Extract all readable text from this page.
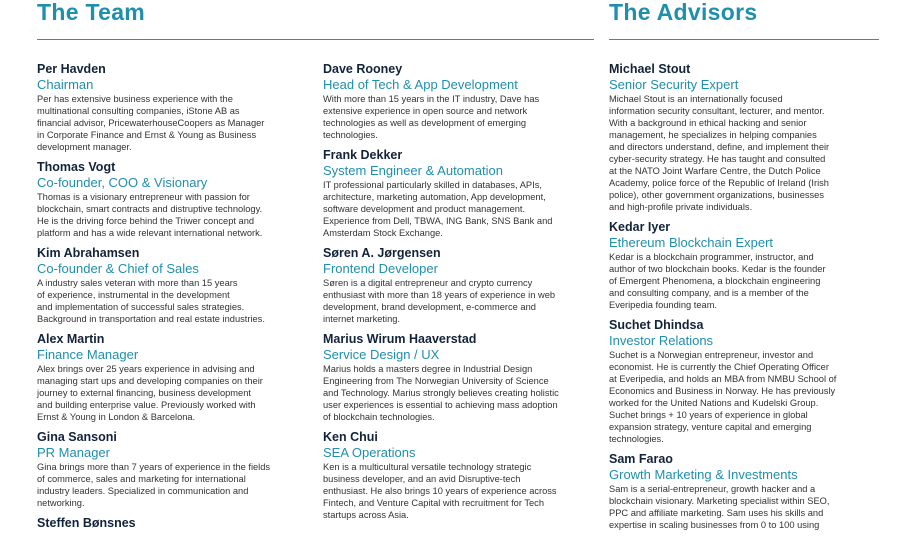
The Team	The Advisors
Per Havden
Chairman
Per has extensive business experience with the
multinational consulting companies, iStone AB as
financial advisor, PricewaterhouseCoopers as Manager
in Corporate Finance and Ernst & Young as Business
development manager.
Thomas Vogt
Co-founder, COO & Visionary
Thomas is a visionary entrepreneur with passion for
blockchain, smart contracts and distruptive technology.
He is the driving force behind the Triwer concept and
platform and has a wide relevant international network.
Kim Abrahamsen
Co-founder & Chief of Sales
A industry sales veteran with more than 15 years
of experience, instrumental in the development
and implementation of successful sales strategies.
Background in transportation and real estate industries.
Alex Martin
Finance Manager
Alex brings over 25 years experience in advising and
managing start ups and developing companies on their
journey to external financing, business development
and building enterprise value. Previously worked with
Ernst & Young in London & Barcelona.
Gina Sansoni
PR Manager
Gina brings more than 7 years of experience in the fields
of commerce, sales and marketing for international
industry leaders. Specialized in communication and
networking.
Steffen Bønsnes
Dave Rooney
Head of Tech & App Development
With more than 15 years in the IT industry, Dave has
extensive experience in open source and network
technologies as well as development of emerging
technologies.
Frank Dekker
System Engineer & Automation
IT professional particularly skilled in databases, APIs,
architecture, marketing automation, App development,
software development and product management.
Experience from Dell, TBWA, ING Bank, SNS Bank and
Amsterdam Stock Exchange.
Søren A. Jørgensen
Frontend Developer
Søren is a digital entrepreneur and crypto currency
enthusiast with more than 18 years of experience in web
development, brand development, e-commerce and
internet marketing.
Marius Wirum Haaverstad
Service Design / UX
Marius holds a masters degree in Industrial Design
Engineering from The Norwegian University of Science
and Technology. Marius strongly believes creating holistic
user experiences is essential to achieving mass adoption
of blockchain technologies.
Ken Chui
SEA Operations
Ken is a multicultural versatile technology strategic
business developer, and an avid Disruptive-tech
enthusiast. He also brings 10 years of experience across
Fintech, and Venture Capital with recruitment for Tech
startups across Asia.
Michael Stout
Senior Security Expert
Michael Stout is an internationally focused
information security consultant, lecturer, and mentor.
With a background in ethical hacking and senior
management, he specializes in helping companies
and directors understand, define, and implement their
cyber-security strategy. He has taught and consulted
at the NATO Joint Warfare Centre, the Dutch Police
Academy, police force of the Republic of Ireland (Irish
police), other government organizations, businesses
and high-profile private individuals.
Kedar Iyer
Ethereum Blockchain Expert
Kedar is a blockchain programmer, instructor, and
author of two blockchain books. Kedar is the founder
of Emergent Phenomena, a blockchain engineering
and consulting company, and is a member of the
Everipedia founding team.
Suchet Dhindsa
Investor Relations
Suchet is a Norwegian entrepreneur, investor and
economist. He is currently the Chief Operating Officer
at Everipedia, and holds an MBA from NMBU School of
Economics and Business in Norway. He has previously
worked for the United Nations and Kudelski Group.
Suchet brings + 10 years of experience in global
expansion strategy, venture capital and emerging
technologies.
Sam Farao
Growth Marketing & Investments
Sam is a serial-entrepreneur, growth hacker and a
blockchain visionary. Marketing specialist within SEO,
PPC and affiliate marketing. Sam uses his skills and
expertise in scaling businesses from 0 to 100 using
